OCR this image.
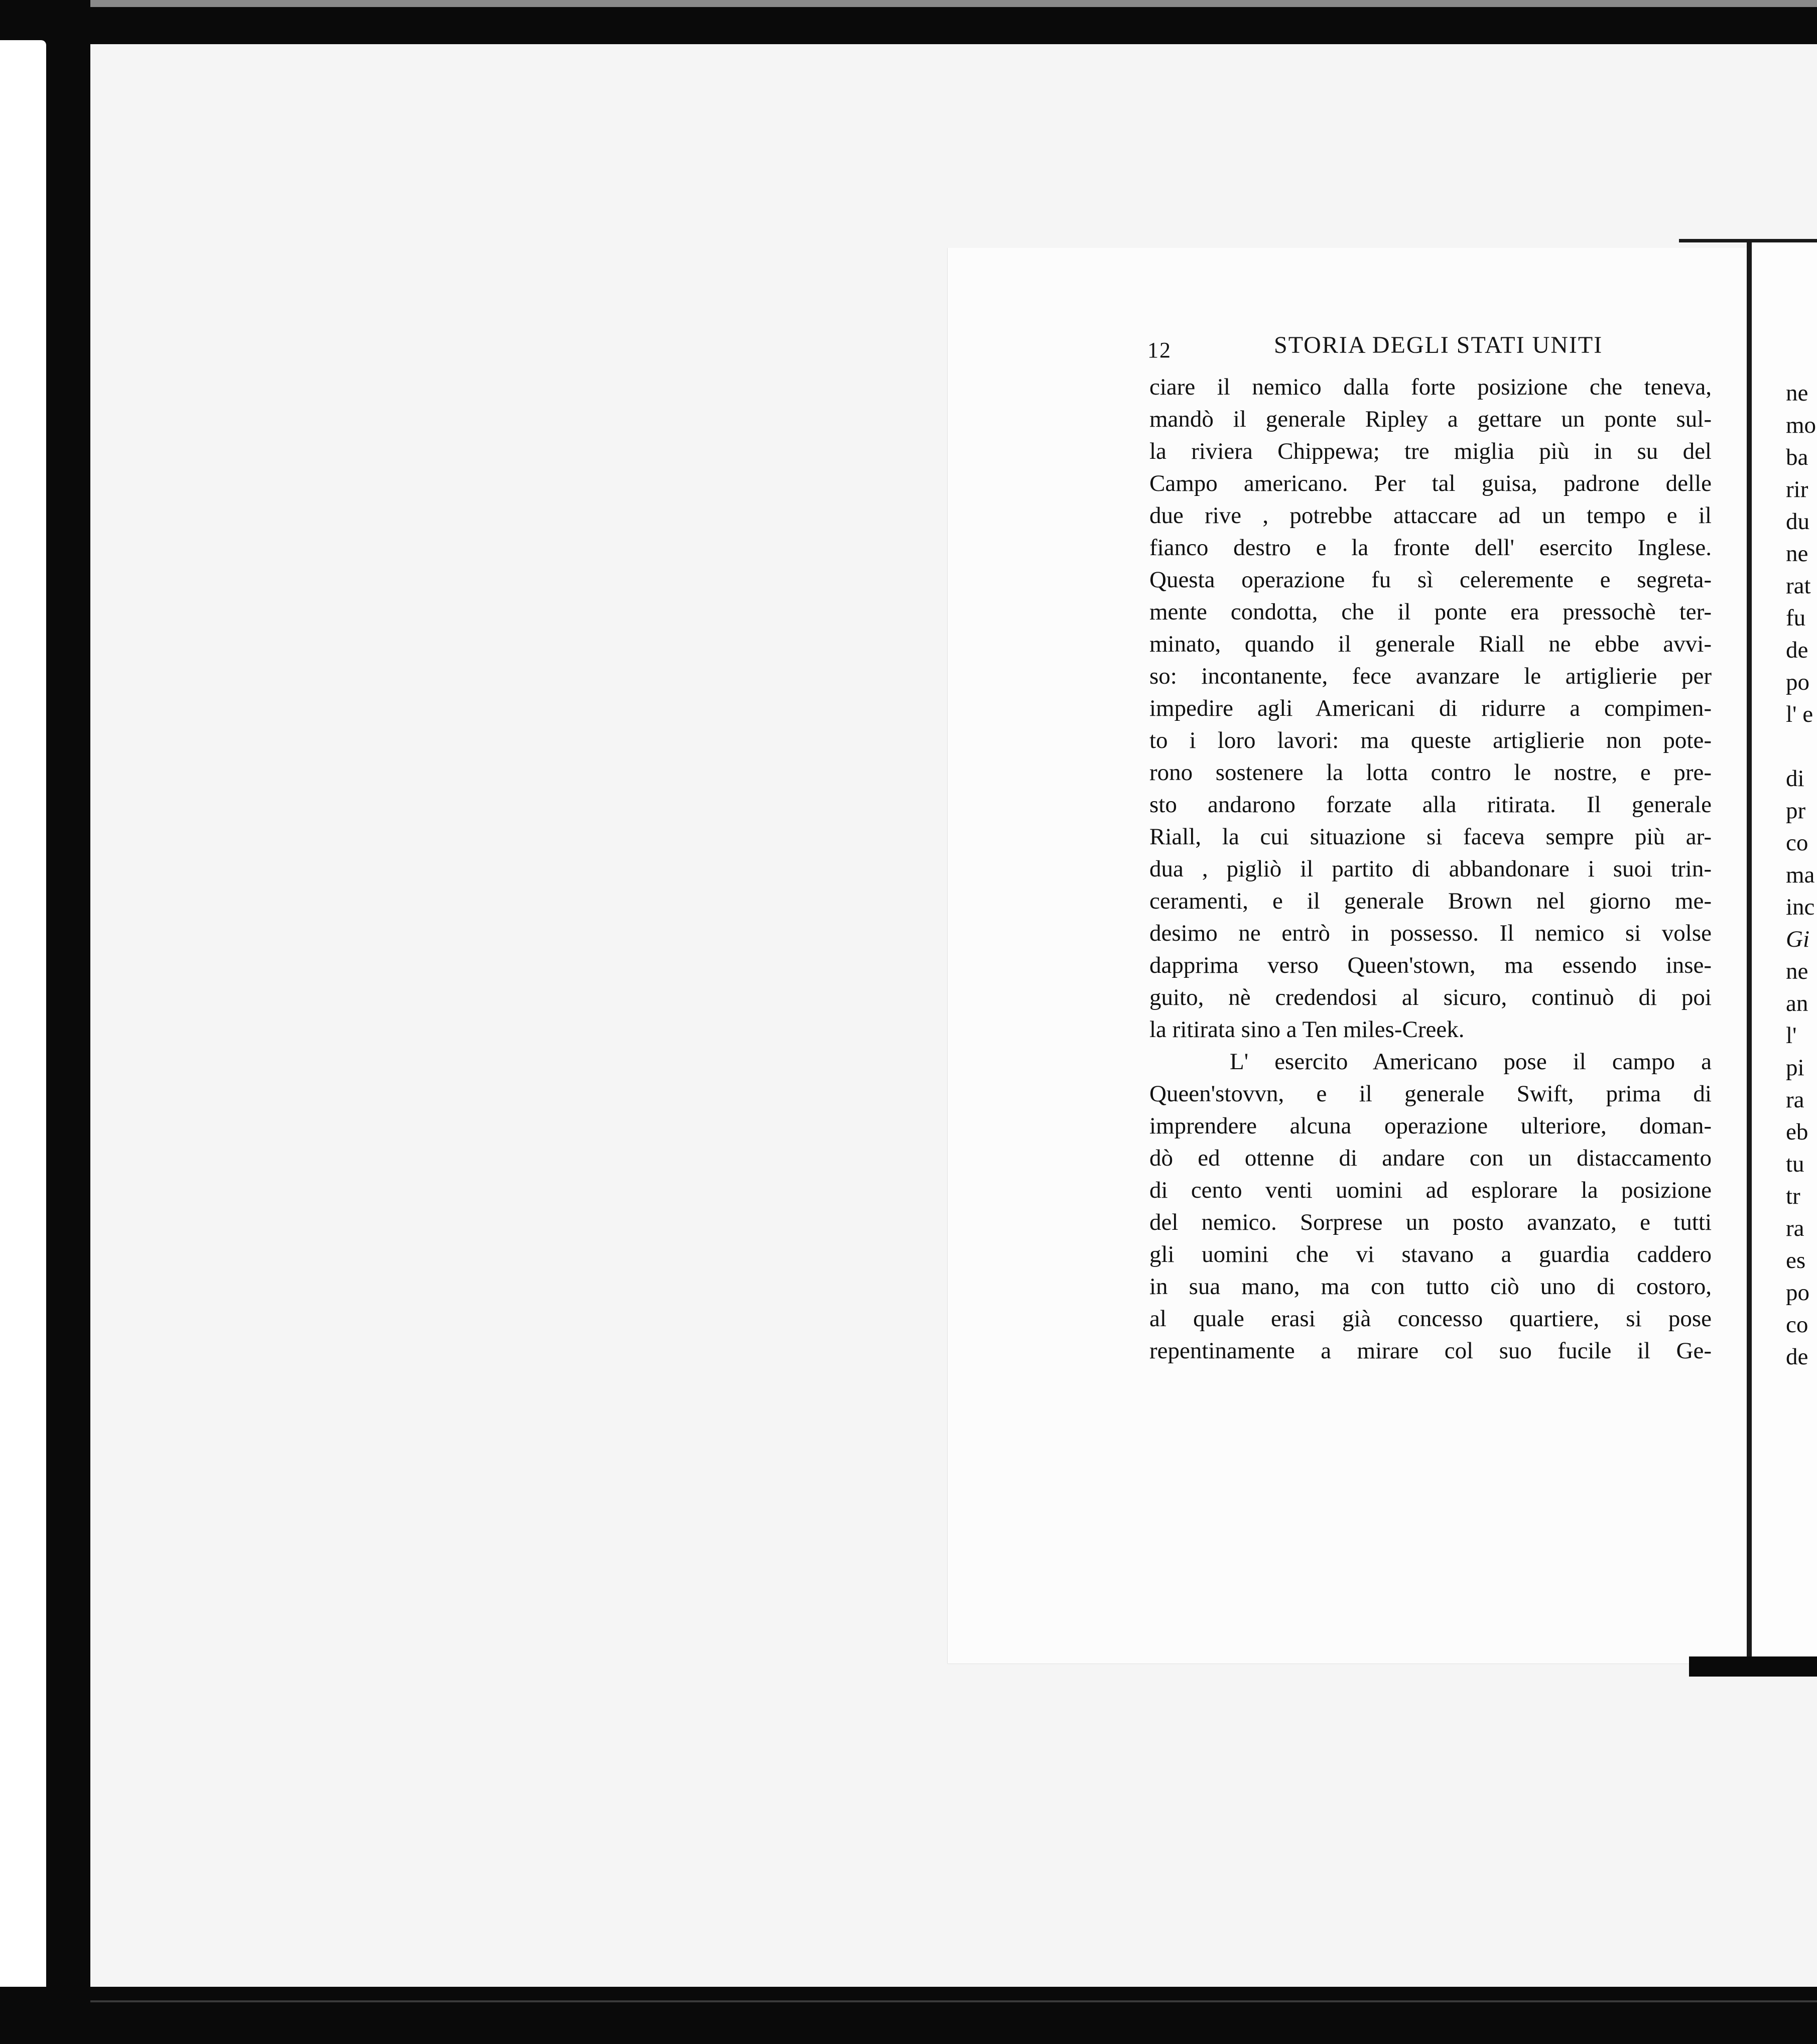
12	STORIA DEGLI STATI UNITI
ciare il nemico dalla forte posizione che teneva,
mandò il generale Ripley a gettare un ponte sul-
la riviera Chippewa; tre miglia più in su del
Campo americano. Per tal guisa, padrone delle
due rive , potrebbe attaccare ad un tempo e il
fianco destro e la fronte dell' esercito Inglese.
Questa operazione fu sì celeremente e segreta-
mente condotta, che il ponte era pressochè ter-
minato, quando il generale Riall ne ebbe avvi-
so: incontanente, fece avanzare le artiglierie per
impedire agli Americani di ridurre a compimen-
to i loro lavori: ma queste artiglierie non pote-
rono sostenere la lotta contro le nostre, e pre-
sto andarono forzate alla ritirata. Il generale
Riall, la cui situazione si faceva sempre più ar-
dua , pigliò il partito di abbandonare i suoi trin-
ceramenti, e il generale Brown nel giorno me-
desimo ne entrò in possesso. Il nemico si volse
dapprima verso Queen'stown, ma essendo inse-
guito, nè credendosi al sicuro, continuò di poi
la ritirata sino a Ten miles-Creek.
L' esercito Americano pose il campo a
Queen'stovvn, e il generale Swift, prima di
imprendere alcuna operazione ulteriore, doman-
dò ed ottenne di andare con un distaccamento
di cento venti uomini ad esplorare la posizione
del nemico. Sorprese un posto avanzato, e tutti
gli uomini che vi stavano a guardia caddero
in sua mano, ma con tutto ciò uno di costoro,
al quale erasi già concesso quartiere, si pose
repentinamente a mirare col suo fucile il Ge-
ne
mo
ba
rir
du
ne
rat
fu
de
po
l' e
di
pr
co
ma
inc
Gi
ne
an
l'
pi
ra
eb
tu
tr
ra
es
po
co
de
